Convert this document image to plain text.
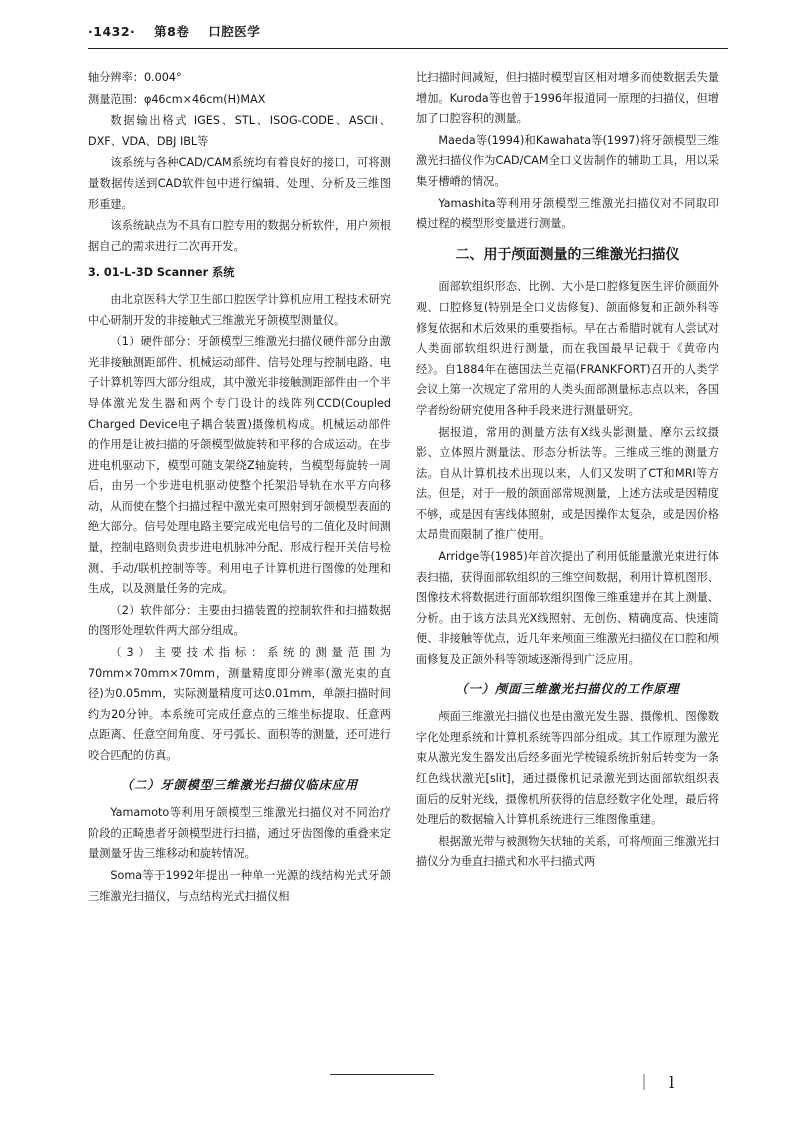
·1432· 第8卷 口腔医学

轴分辨率：0.004°

测量范围：φ46cm×46cm(H)MAX

数据输出格式 IGES、STL、ISOG-CODE、ASCII、DXF、VDA、DBJ IBL等

该系统与各种CAD/CAM系统均有着良好的接口，可将测量数据传送到CAD软件包中进行编辑、处理、分析及三维图形重建。

该系统缺点为不具有口腔专用的数据分析软件，用户须根据自己的需求进行二次再开发。

3. 01-L-3D Scanner 系统

由北京医科大学卫生部口腔医学计算机应用工程技术研究中心研制开发的非接触式三维激光牙颌模型测量仪。

（1）硬件部分：牙颌模型三维激光扫描仪硬件部分由激光非接触测距部件、机械运动部件、信号处理与控制电路、电子计算机等四大部分组成，其中激光非接触测距部件由一个半导体激光发生器和两个专门设计的线阵列CCD(Coupled Charged Device电子耦合装置)摄像机构成。机械运动部件的作用是让被扫描的牙颌模型做旋转和平移的合成运动。在步进电机驱动下，模型可随支架绕Z轴旋转，当模型每旋转一周后，由另一个步进电机驱动使整个托架沿导轨在水平方向移动，从而使在整个扫描过程中激光束可照射到牙颌模型表面的绝大部分。信号处理电路主要完成光电信号的二值化及时间测量，控制电路则负责步进电机脉冲分配、形成行程开关信号检测、手动/联机控制等等。利用电子计算机进行图像的处理和生成，以及测量任务的完成。

（2）软件部分：主要由扫描装置的控制软件和扫描数据的图形处理软件两大部分组成。

（3）主要技术指标：系统的测量范围为70mm×70mm×70mm，测量精度即分辨率(激光束的直径)为0.05mm，实际测量精度可达0.01mm，单颌扫描时间约为20分钟。本系统可完成任意点的三维坐标提取、任意两点距离、任意空间角度、牙弓弧长、面积等的测量，还可进行咬合匹配的仿真。

（二）牙颌模型三维激光扫描仪临床应用

Yamamoto等利用牙颌模型三维激光扫描仪对不同治疗阶段的正畸患者牙颌模型进行扫描，通过牙齿图像的重叠来定量测量牙齿三维移动和旋转情况。

Soma等于1992年提出一种单一光源的线结构光式牙颌三维激光扫描仪，与点结构光式扫描仪相

比扫描时间减短，但扫描时模型盲区相对增多而使数据丢失量增加。Kuroda等也曾于1996年报道同一原理的扫描仪，但增加了口腔容积的测量。

Maeda等(1994)和Kawahata等(1997)将牙颌模型三维激光扫描仪作为CAD/CAM全口义齿制作的辅助工具，用以采集牙槽嵴的情况。

Yamashita等利用牙颌模型三维激光扫描仪对不同取印模过程的模型形变量进行测量。

二、用于颅面测量的三维激光扫描仪

面部软组织形态、比例、大小是口腔修复医生评价颜面外观、口腔修复(特别是全口义齿修复)、颌面修复和正颌外科等修复依据和术后效果的重要指标。早在古希腊时就有人尝试对人类面部软组织进行测量，而在我国最早记载于《黄帝内经》。自1884年在德国法兰克福(FRANKFORT)召开的人类学会议上第一次规定了常用的人类头面部测量标志点以来，各国学者纷纷研究使用各种手段来进行测量研究。

据报道，常用的测量方法有X线头影测量、摩尔云纹摄影、立体照片测量法、形态分析法等。三维成三维的测量方法。自从计算机技术出现以来，人们又发明了CT和MRI等方法。但是，对于一般的颌面部常规测量，上述方法或是因精度不够，或是因有害线体照射，或是因操作太复杂，或是因价格太昂贵而限制了推广使用。

Arridge等(1985)年首次提出了利用低能量激光束进行体表扫描，获得面部软组织的三维空间数据，利用计算机图形、图像技术将数据进行面部软组织图像三维重建并在其上测量、分析。由于该方法具光X线照射、无创伤、精确度高、快速简便、非接触等优点，近几年来颅面三维激光扫描仪在口腔和颅面修复及正颌外科等领域逐渐得到广泛应用。

（一）颅面三维激光扫描仪的工作原理

颅面三维激光扫描仪也是由激光发生器、摄像机、图像数字化处理系统和计算机系统等四部分组成。其工作原理为激光束从激光发生器发出后经多面光学棱镜系统折射后转变为一条红色线状激光[slit]，通过摄像机记录激光到达面部软组织表面后的反射光线，摄像机所获得的信息经数字化处理，最后将处理后的数据输入计算机系统进行三维图像重建。

根据激光带与被测物矢状轴的关系，可将颅面三维激光扫描仪分为垂直扫描式和水平扫描式两

｜ l
